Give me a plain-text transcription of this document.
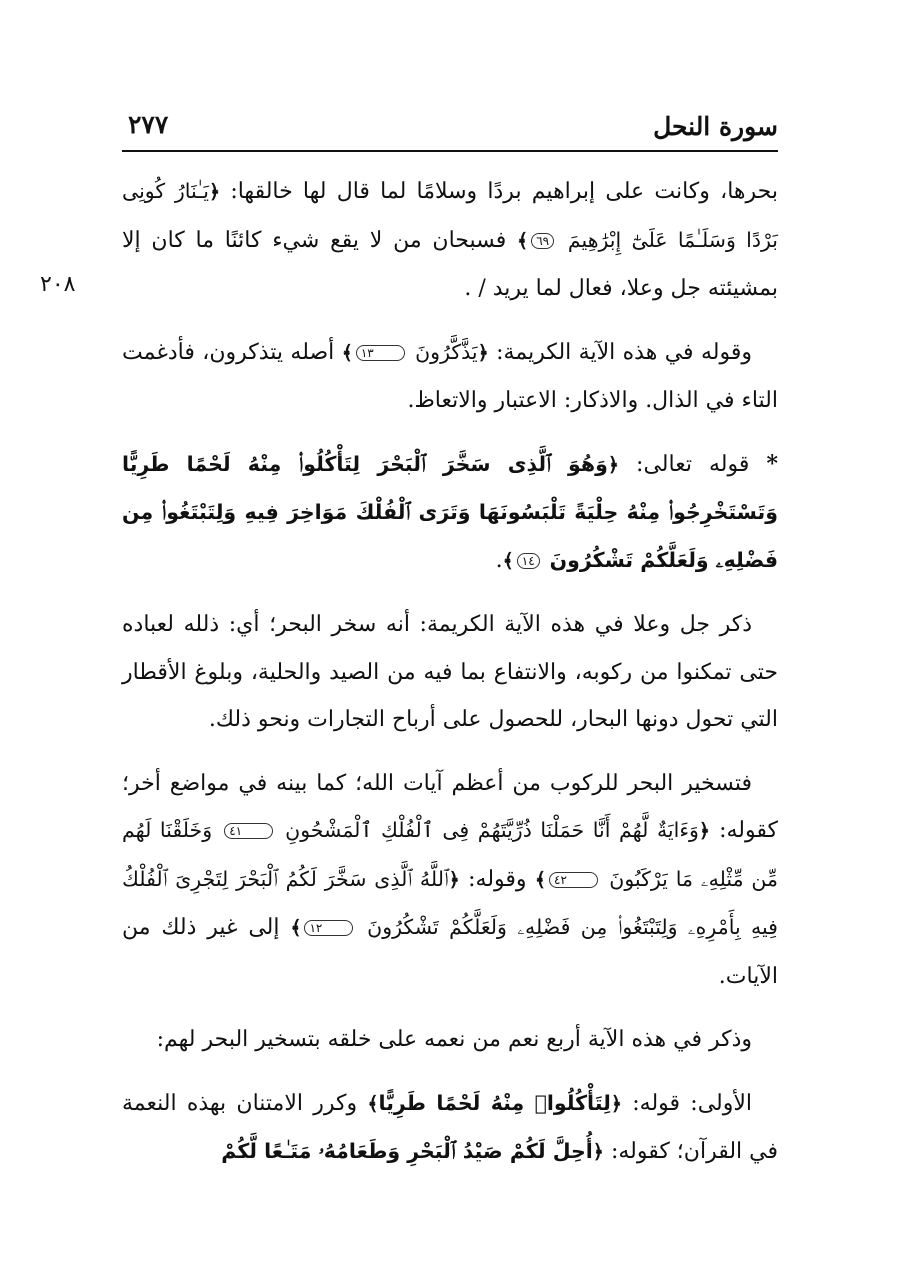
سورة النحل
٢٧٧
٢٠٨

بحرها، وكانت على إبراهيم بردًا وسلامًا لما قال لها خالقها: ﴿يَـٰنَارُ كُونِى بَرْدًا وَسَلَـٰمًا عَلَىٰٓ إِبْرَٰهِيمَ ٦٩﴾ فسبحان من لا يقع شيء كائنًا ما كان إلا بمشيئته جل وعلا، فعال لما يريد / .

وقوله في هذه الآية الكريمة: ﴿يَذَّكَّرُونَ ١٣﴾ أصله يتذكرون، فأدغمت التاء في الذال. والاذكار: الاعتبار والاتعاظ.

* قوله تعالى: ﴿وَهُوَ ٱلَّذِى سَخَّرَ ٱلْبَحْرَ لِتَأْكُلُوا۟ مِنْهُ لَحْمًا طَرِيًّا وَتَسْتَخْرِجُوا۟ مِنْهُ حِلْيَةً تَلْبَسُونَهَا وَتَرَى ٱلْفُلْكَ مَوَاخِرَ فِيهِ وَلِتَبْتَغُوا۟ مِن فَضْلِهِۦ وَلَعَلَّكُمْ تَشْكُرُونَ ١٤﴾.

ذكر جل وعلا في هذه الآية الكريمة: أنه سخر البحر؛ أي: ذلله لعباده حتى تمكنوا من ركوبه، والانتفاع بما فيه من الصيد والحلية، وبلوغ الأقطار التي تحول دونها البحار، للحصول على أرباح التجارات ونحو ذلك.

فتسخير البحر للركوب من أعظم آيات الله؛ كما بينه في مواضع أخر؛ كقوله: ﴿وَءَايَةٌ لَّهُمْ أَنَّا حَمَلْنَا ذُرِّيَّتَهُمْ فِى ٱلْفُلْكِ ٱلْمَشْحُونِ ٤١ وَخَلَقْنَا لَهُم مِّن مِّثْلِهِۦ مَا يَرْكَبُونَ ٤٢﴾ وقوله: ﴿ٱللَّهُ ٱلَّذِى سَخَّرَ لَكُمُ ٱلْبَحْرَ لِتَجْرِىَ ٱلْفُلْكُ فِيهِ بِأَمْرِهِۦ وَلِتَبْتَغُوا۟ مِن فَضْلِهِۦ وَلَعَلَّكُمْ تَشْكُرُونَ ١٢﴾ إلى غير ذلك من الآيات.

وذكر في هذه الآية أربع نعم من نعمه على خلقه بتسخير البحر لهم:

الأولى: قوله: ﴿لِتَأْكُلُوا۟ مِنْهُ لَحْمًا طَرِيًّا﴾ وكرر الامتنان بهذه النعمة في القرآن؛ كقوله: ﴿أُحِلَّ لَكُمْ صَيْدُ ٱلْبَحْرِ وَطَعَامُهُۥ مَتَـٰعًا لَّكُمْ
